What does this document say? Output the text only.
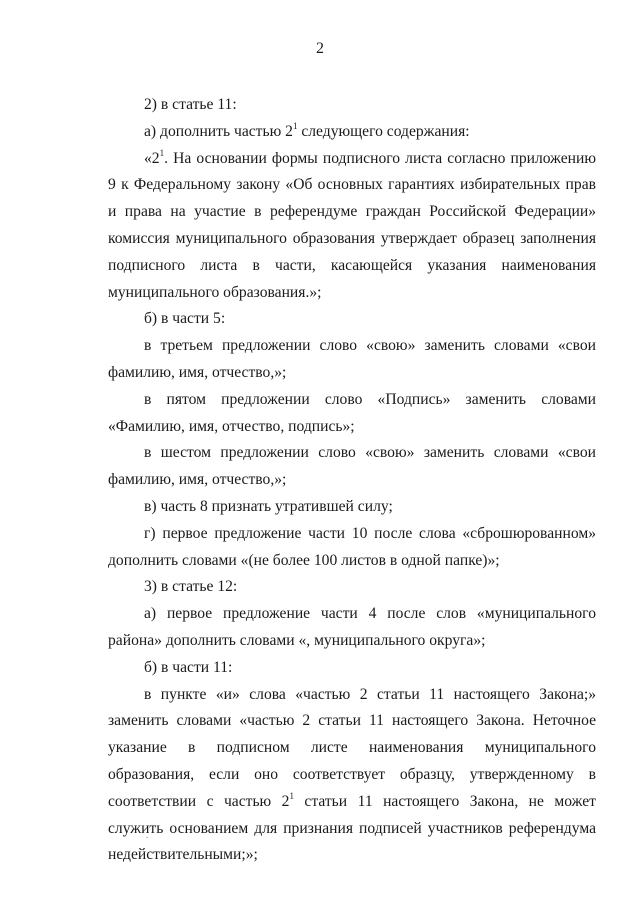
2

2) в статье 11:

а) дополнить частью $2^1$ следующего содержания:

«$2^1$. На основании формы подписного листа согласно приложению 9 к Федеральному закону «Об основных гарантиях избирательных прав и права на участие в референдуме граждан Российской Федерации» комиссия муниципального образования утверждает образец заполнения подписного листа в части, касающейся указания наименования муниципального образования.»;

б) в части 5:

в третьем предложении слово «свою» заменить словами «свои фамилию, имя, отчество,»;

в пятом предложении слово «Подпись» заменить словами «Фамилию, имя, отчество, подпись»;

в шестом предложении слово «свою» заменить словами «свои фамилию, имя, отчество,»;

в) часть 8 признать утратившей силу;

г) первое предложение части 10 после слова «сброшюрованном» дополнить словами «(не более 100 листов в одной папке)»;

3) в статье 12:

а) первое предложение части 4 после слов «муниципального района» дополнить словами «, муниципального округа»;

б) в части 11:

в пункте «и» слова «частью 2 статьи 11 настоящего Закона;» заменить словами «частью 2 статьи 11 настоящего Закона. Неточное указание в подписном листе наименования муниципального образования, если оно соответствует образцу, утвержденному в соответствии с частью $2^1$ статьи 11 настоящего Закона, не может служить основанием для признания подписей участников референдума недействительными;»;
